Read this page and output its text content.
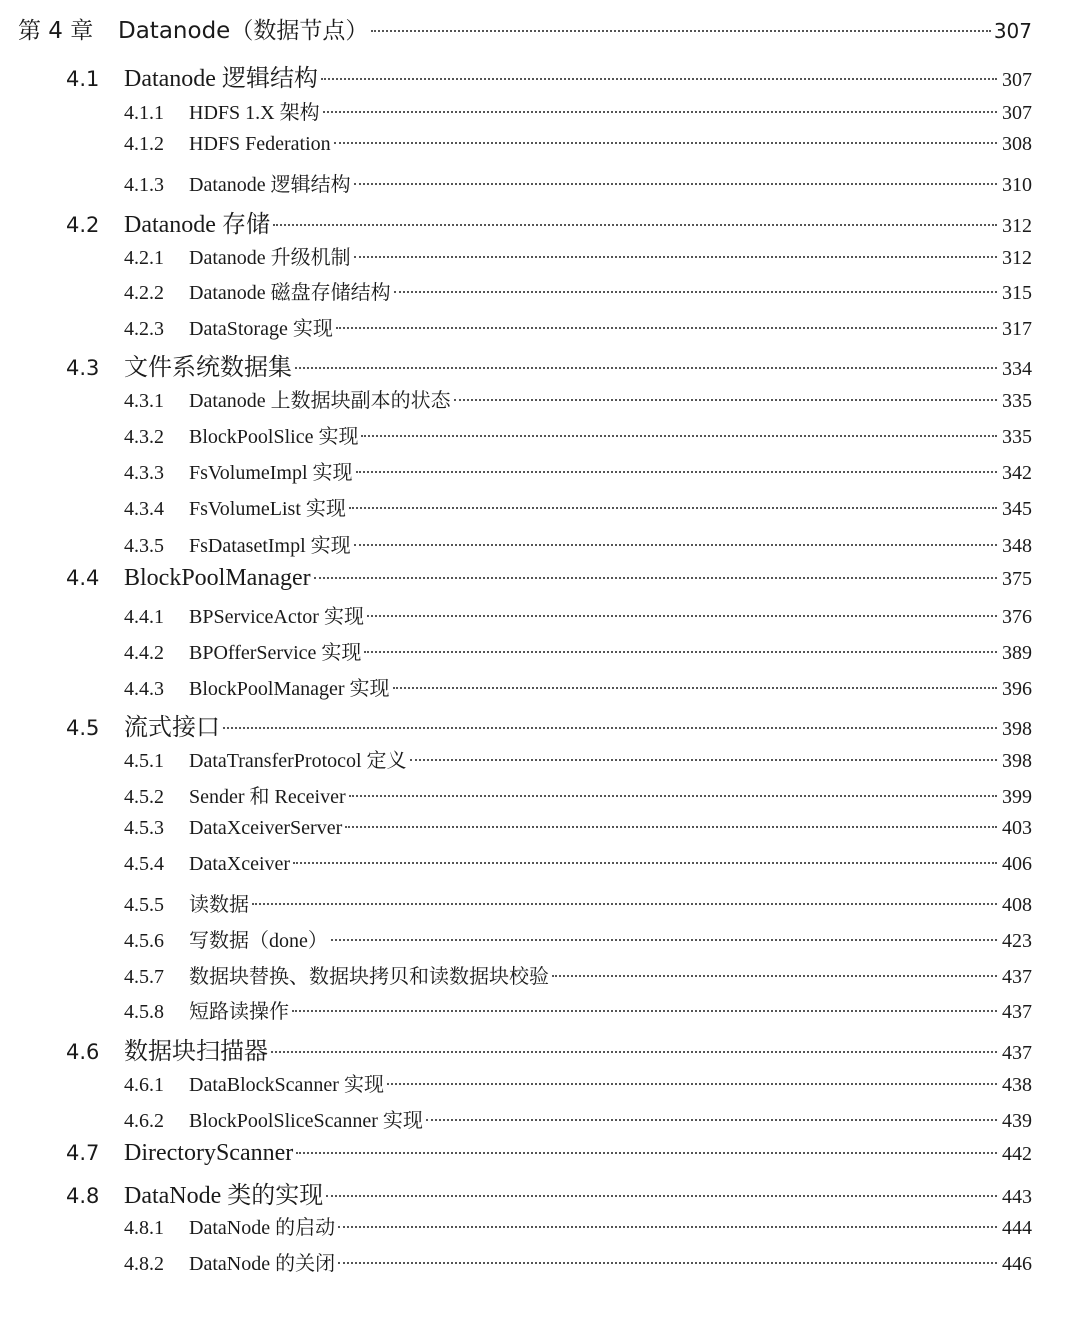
第 4 章	Datanode（数据节点）	307
4.1	Datanode 逻辑结构	307
4.1.1	HDFS 1.X 架构	307
4.1.2	HDFS Federation	308
4.1.3	Datanode 逻辑结构	310
4.2	Datanode 存储	312
4.2.1	Datanode 升级机制	312
4.2.2	Datanode 磁盘存储结构	315
4.2.3	DataStorage 实现	317
4.3	文件系统数据集	334
4.3.1	Datanode 上数据块副本的状态	335
4.3.2	BlockPoolSlice 实现	335
4.3.3	FsVolumeImpl 实现	342
4.3.4	FsVolumeList 实现	345
4.3.5	FsDatasetImpl 实现	348
4.4	BlockPoolManager	375
4.4.1	BPServiceActor 实现	376
4.4.2	BPOfferService 实现	389
4.4.3	BlockPoolManager 实现	396
4.5	流式接口	398
4.5.1	DataTransferProtocol 定义	398
4.5.2	Sender 和 Receiver	399
4.5.3	DataXceiverServer	403
4.5.4	DataXceiver	406
4.5.5	读数据	408
4.5.6	写数据（done）	423
4.5.7	数据块替换、数据块拷贝和读数据块校验	437
4.5.8	短路读操作	437
4.6	数据块扫描器	437
4.6.1	DataBlockScanner 实现	438
4.6.2	BlockPoolSliceScanner 实现	439
4.7	DirectoryScanner	442
4.8	DataNode 类的实现	443
4.8.1	DataNode 的启动	444
4.8.2	DataNode 的关闭	446
